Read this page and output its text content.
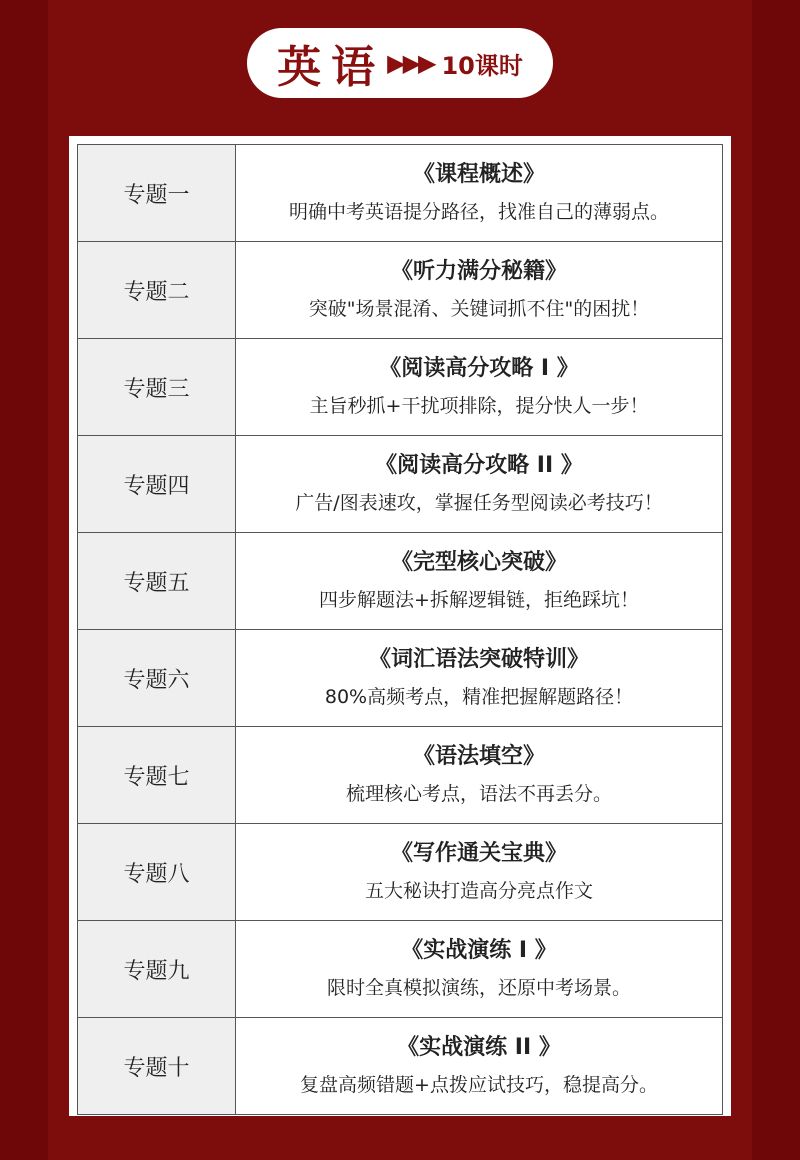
英语 ▶▶▶ 10课时
专题一	《课程概述》
明确中考英语提分路径，找准自己的薄弱点。

专题二	《听力满分秘籍》
突破"场景混淆、关键词抓不住"的困扰！

专题三	《阅读高分攻略 I 》
主旨秒抓+干扰项排除，提分快人一步！

专题四	《阅读高分攻略 II 》
广告/图表速攻，掌握任务型阅读必考技巧！

专题五	《完型核心突破》
四步解题法+拆解逻辑链，拒绝踩坑！

专题六	《词汇语法突破特训》
80%高频考点，精准把握解题路径！

专题七	《语法填空》
梳理核心考点，语法不再丢分。

专题八	《写作通关宝典》
五大秘诀打造高分亮点作文

专题九	《实战演练 I 》
限时全真模拟演练，还原中考场景。

专题十	《实战演练 II 》
复盘高频错题+点拨应试技巧，稳提高分。
